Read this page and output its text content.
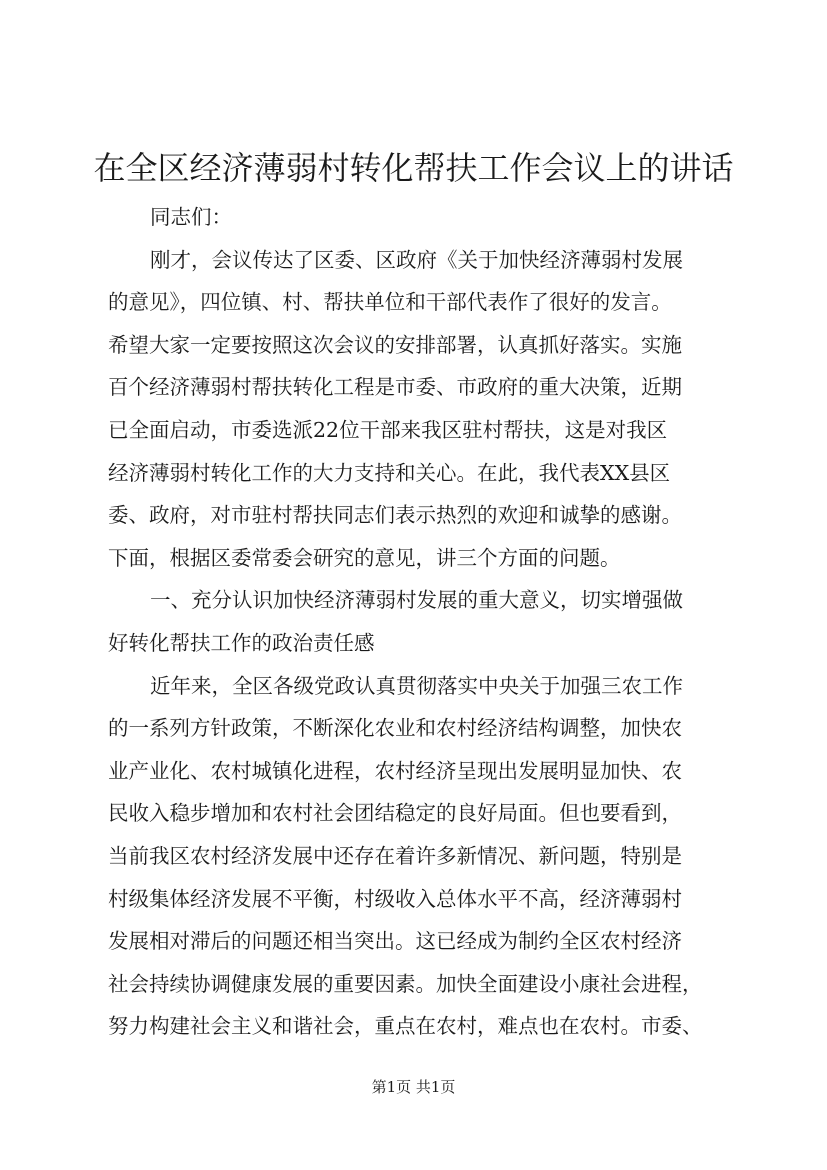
在全区经济薄弱村转化帮扶工作会议上的讲话
同志们：
刚才，会议传达了区委、区政府《关于加快经济薄弱村发展
的意见》，四位镇、村、帮扶单位和干部代表作了很好的发言。
希望大家一定要按照这次会议的安排部署，认真抓好落实。实施
百个经济薄弱村帮扶转化工程是市委、市政府的重大决策，近期
已全面启动，市委选派22位干部来我区驻村帮扶，这是对我区
经济薄弱村转化工作的大力支持和关心。在此，我代表XX县区
委、政府，对市驻村帮扶同志们表示热烈的欢迎和诚挚的感谢。
下面，根据区委常委会研究的意见，讲三个方面的问题。
一、充分认识加快经济薄弱村发展的重大意义，切实增强做
好转化帮扶工作的政治责任感
近年来，全区各级党政认真贯彻落实中央关于加强三农工作
的一系列方针政策，不断深化农业和农村经济结构调整，加快农
业产业化、农村城镇化进程，农村经济呈现出发展明显加快、农
民收入稳步增加和农村社会团结稳定的良好局面。但也要看到，
当前我区农村经济发展中还存在着许多新情况、新问题，特别是
村级集体经济发展不平衡，村级收入总体水平不高，经济薄弱村
发展相对滞后的问题还相当突出。这已经成为制约全区农村经济
社会持续协调健康发展的重要因素。加快全面建设小康社会进程，
努力构建社会主义和谐社会，重点在农村，难点也在农村。市委、
第1页 共1页
